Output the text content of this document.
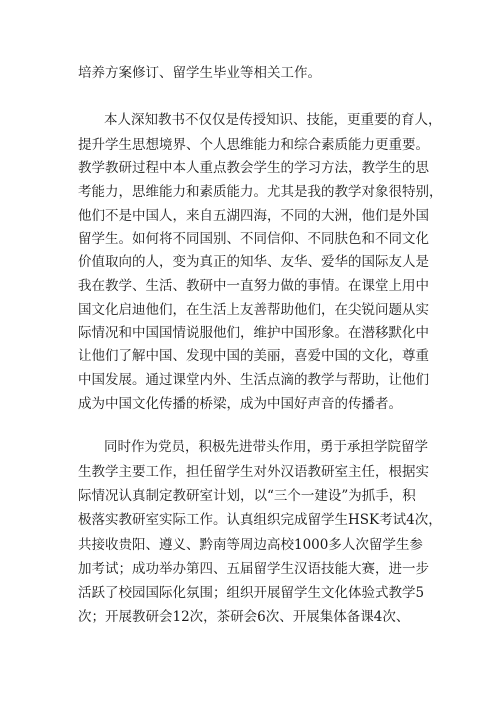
培养方案修订、留学生毕业等相关工作。
本人深知教书不仅仅是传授知识、技能，更重要的育人，
提升学生思想境界、个人思维能力和综合素质能力更重要。
教学教研过程中本人重点教会学生的学习方法，教学生的思
考能力，思维能力和素质能力。尤其是我的教学对象很特别，
他们不是中国人，来自五湖四海，不同的大洲，他们是外国
留学生。如何将不同国别、不同信仰、不同肤色和不同文化
价值取向的人，变为真正的知华、友华、爱华的国际友人是
我在教学、生活、教研中一直努力做的事情。在课堂上用中
国文化启迪他们，在生活上友善帮助他们，在尖锐问题从实
际情况和中国国情说服他们，维护中国形象。在潜移默化中
让他们了解中国、发现中国的美丽，喜爱中国的文化，尊重
中国发展。通过课堂内外、生活点滴的教学与帮助，让他们
成为中国文化传播的桥梁，成为中国好声音的传播者。
同时作为党员，积极先进带头作用，勇于承担学院留学
生教学主要工作，担任留学生对外汉语教研室主任，根据实
际情况认真制定教研室计划，以“三个一建设”为抓手，积
极落实教研室实际工作。认真组织完成留学生HSK考试4次，
共接收贵阳、遵义、黔南等周边高校1000多人次留学生参
加考试；成功举办第四、五届留学生汉语技能大赛，进一步
活跃了校园国际化氛围；组织开展留学生文化体验式教学5
次；开展教研会12次，茶研会6次、开展集体备课4次、
